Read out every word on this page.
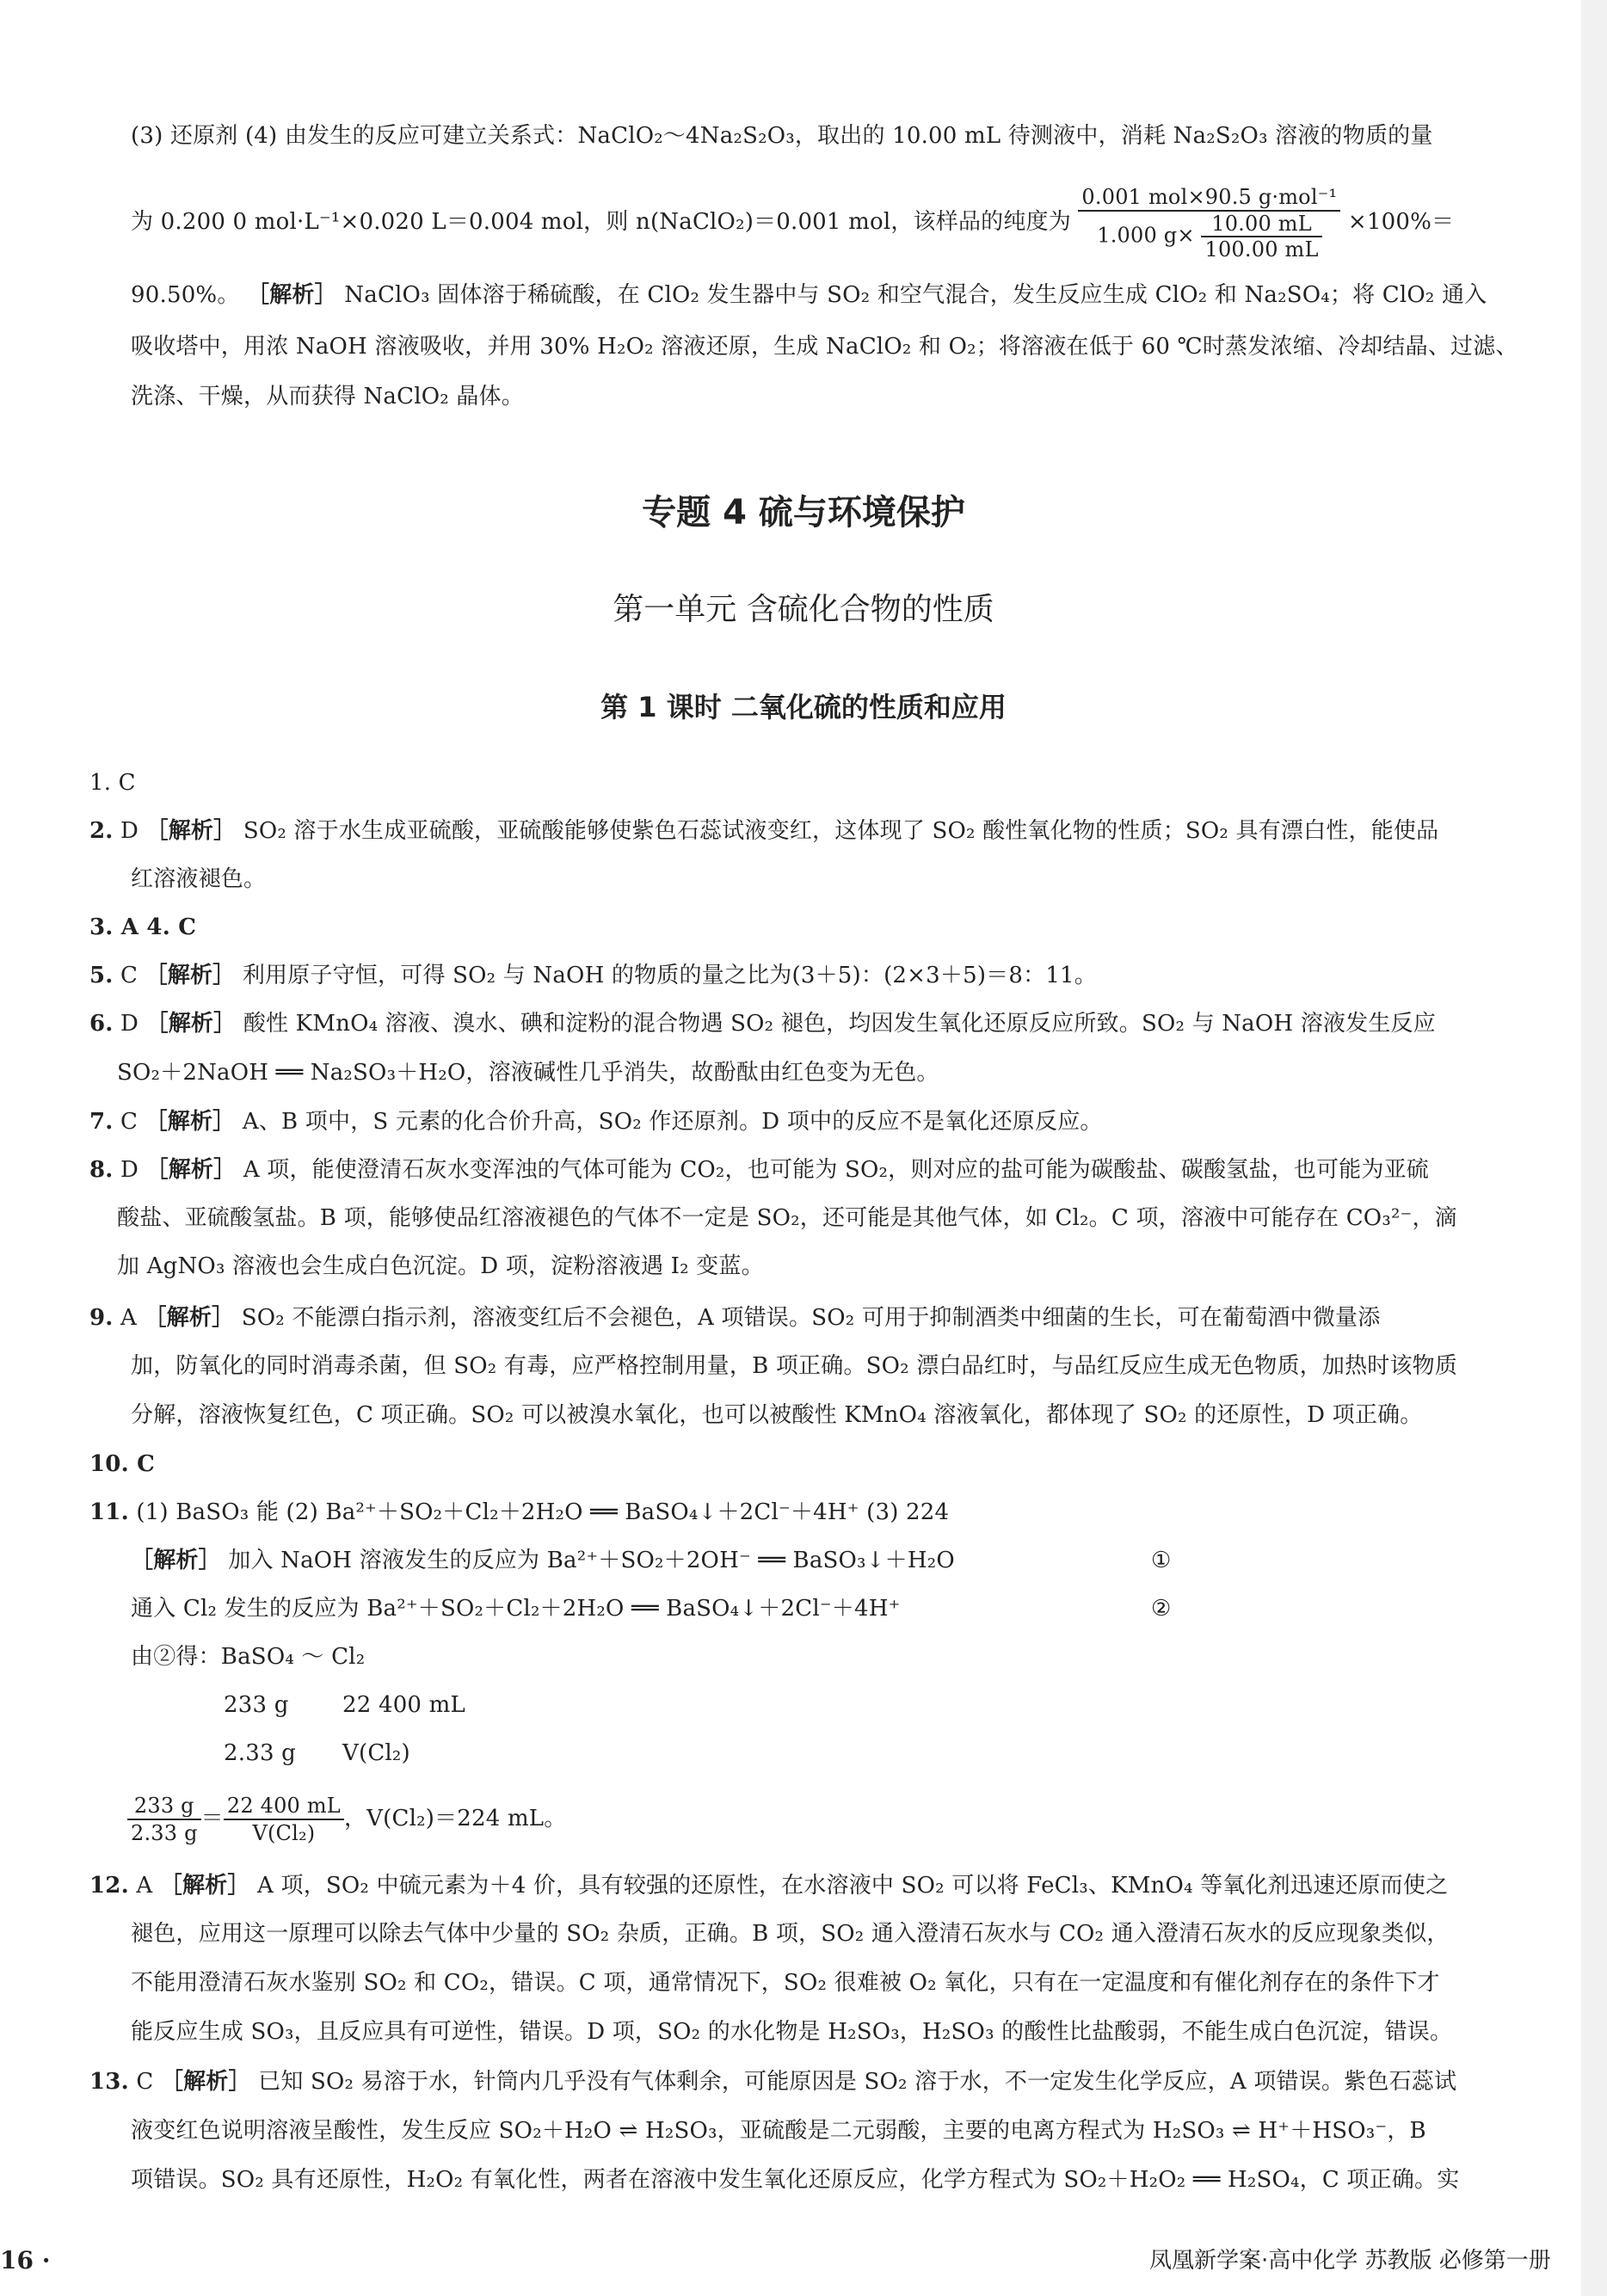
(3) 还原剂 (4) 由发生的反应可建立关系式：NaClO₂～4Na₂S₂O₃，取出的 10.00 mL 待测液中，消耗 Na₂S₂O₃ 溶液的物质的量
为 0.200 0 mol·L⁻¹×0.020 L＝0.004 mol，则 n(NaClO₂)＝0.001 mol，该样品的纯度为 $\frac{\text{0.001 mol×90.5 g·mol⁻¹}}{1.000 g\times \frac{10.00 mL}{100.00 mL}} \times 100\%=$
90.50%。 ［解析］ NaClO₃ 固体溶于稀硫酸，在 ClO₂ 发生器中与 SO₂ 和空气混合，发生反应生成 ClO₂ 和 Na₂SO₄；将 ClO₂ 通入
吸收塔中，用浓 NaOH 溶液吸收，并用 30% H₂O₂ 溶液还原，生成 NaClO₂ 和 O₂；将溶液在低于 60 ℃时蒸发浓缩、冷却结晶、过滤、
洗涤、干燥，从而获得 NaClO₂ 晶体。
专题 4 硫与环境保护
第一单元 含硫化合物的性质
第 1 课时 二氧化硫的性质和应用
1. C
2. D ［解析］ SO₂ 溶于水生成亚硫酸，亚硫酸能够使紫色石蕊试液变红，这体现了 SO₂ 酸性氧化物的性质；SO₂ 具有漂白性，能使品
红溶液褪色。
3. A 4. C
5. C ［解析］ 利用原子守恒，可得 SO₂ 与 NaOH 的物质的量之比为(3＋5)：(2×3＋5)＝8：11。
6. D ［解析］ 酸性 KMnO₄ 溶液、溴水、碘和淀粉的混合物遇 SO₂ 褪色，均因发生氧化还原反应所致。SO₂ 与 NaOH 溶液发生反应
SO₂＋2NaOH ══ Na₂SO₃＋H₂O，溶液碱性几乎消失，故酚酞由红色变为无色。
7. C ［解析］ A、B 项中，S 元素的化合价升高，SO₂ 作还原剂。D 项中的反应不是氧化还原反应。
8. D ［解析］ A 项，能使澄清石灰水变浑浊的气体可能为 CO₂，也可能为 SO₂，则对应的盐可能为碳酸盐、碳酸氢盐，也可能为亚硫
酸盐、亚硫酸氢盐。B 项，能够使品红溶液褪色的气体不一定是 SO₂，还可能是其他气体，如 Cl₂。C 项，溶液中可能存在 CO₃²⁻，滴
加 AgNO₃ 溶液也会生成白色沉淀。D 项，淀粉溶液遇 I₂ 变蓝。
9. A ［解析］ SO₂ 不能漂白指示剂，溶液变红后不会褪色，A 项错误。SO₂ 可用于抑制酒类中细菌的生长，可在葡萄酒中微量添
加，防氧化的同时消毒杀菌，但 SO₂ 有毒，应严格控制用量，B 项正确。SO₂ 漂白品红时，与品红反应生成无色物质，加热时该物质
分解，溶液恢复红色，C 项正确。SO₂ 可以被溴水氧化，也可以被酸性 KMnO₄ 溶液氧化，都体现了 SO₂ 的还原性，D 项正确。
10. C
11. (1) BaSO₃ 能 (2) Ba²⁺＋SO₂＋Cl₂＋2H₂O ══ BaSO₄↓＋2Cl⁻＋4H⁺ (3) 224
［解析］ 加入 NaOH 溶液发生的反应为 Ba²⁺＋SO₂＋2OH⁻ ══ BaSO₃↓＋H₂O	①
通入 Cl₂ 发生的反应为 Ba²⁺＋SO₂＋Cl₂＋2H₂O ══ BaSO₄↓＋2Cl⁻＋4H⁺	②
由②得：BaSO₄ ～ Cl₂
233 g 22 400 mL
2.33 g V(Cl₂)
$\frac{233 g}{2.33 g} = \frac{22 400 mL}{\text{V(Cl₂)}}$ ，V(Cl₂)＝224 mL。
12. A ［解析］ A 项，SO₂ 中硫元素为＋4 价，具有较强的还原性，在水溶液中 SO₂ 可以将 FeCl₃、KMnO₄ 等氧化剂迅速还原而使之
褪色，应用这一原理可以除去气体中少量的 SO₂ 杂质，正确。B 项，SO₂ 通入澄清石灰水与 CO₂ 通入澄清石灰水的反应现象类似，
不能用澄清石灰水鉴别 SO₂ 和 CO₂，错误。C 项，通常情况下，SO₂ 很难被 O₂ 氧化，只有在一定温度和有催化剂存在的条件下才
能反应生成 SO₃，且反应具有可逆性，错误。D 项，SO₂ 的水化物是 H₂SO₃，H₂SO₃ 的酸性比盐酸弱，不能生成白色沉淀，错误。
13. C ［解析］ 已知 SO₂ 易溶于水，针筒内几乎没有气体剩余，可能原因是 SO₂ 溶于水，不一定发生化学反应，A 项错误。紫色石蕊试
液变红色说明溶液呈酸性，发生反应 SO₂＋H₂O ⇌ H₂SO₃，亚硫酸是二元弱酸，主要的电离方程式为 H₂SO₃ ⇌ H⁺＋HSO₃⁻，B
项错误。SO₂ 具有还原性，H₂O₂ 有氧化性，两者在溶液中发生氧化还原反应，化学方程式为 SO₂＋H₂O₂ ══ H₂SO₄，C 项正确。实
16 ·	凤凰新学案·高中化学 苏教版 必修第一册
